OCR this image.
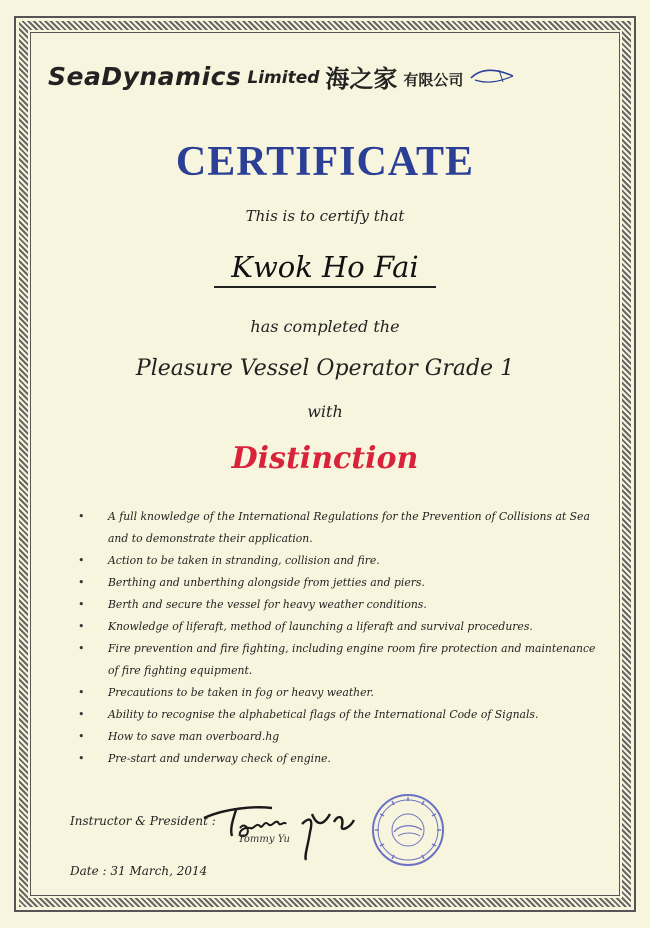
SeaDynamics Limited 海之家 有限公司
CERTIFICATE
This is to certify that
Kwok Ho Fai
has completed the
Pleasure Vessel Operator Grade 1
with
Distinction
• A full knowledge of the International Regulations for the Prevention of Collisions at Sea and to demonstrate their application.
• Action to be taken in stranding, collision and fire.
• Berthing and unberthing alongside from jetties and piers.
• Berth and secure the vessel for heavy weather conditions.
• Knowledge of liferaft, method of launching a liferaft and survival procedures.
• Fire prevention and fire fighting, including engine room fire protection and maintenance of fire fighting equipment.
• Precautions to be taken in fog or heavy weather.
• Ability to recognise the alphabetical flags of the International Code of Signals.
• How to save man overboard.hg
• Pre-start and underway check of engine.
Instructor & President :
Tommy Yu
Date : 31 March, 2014
